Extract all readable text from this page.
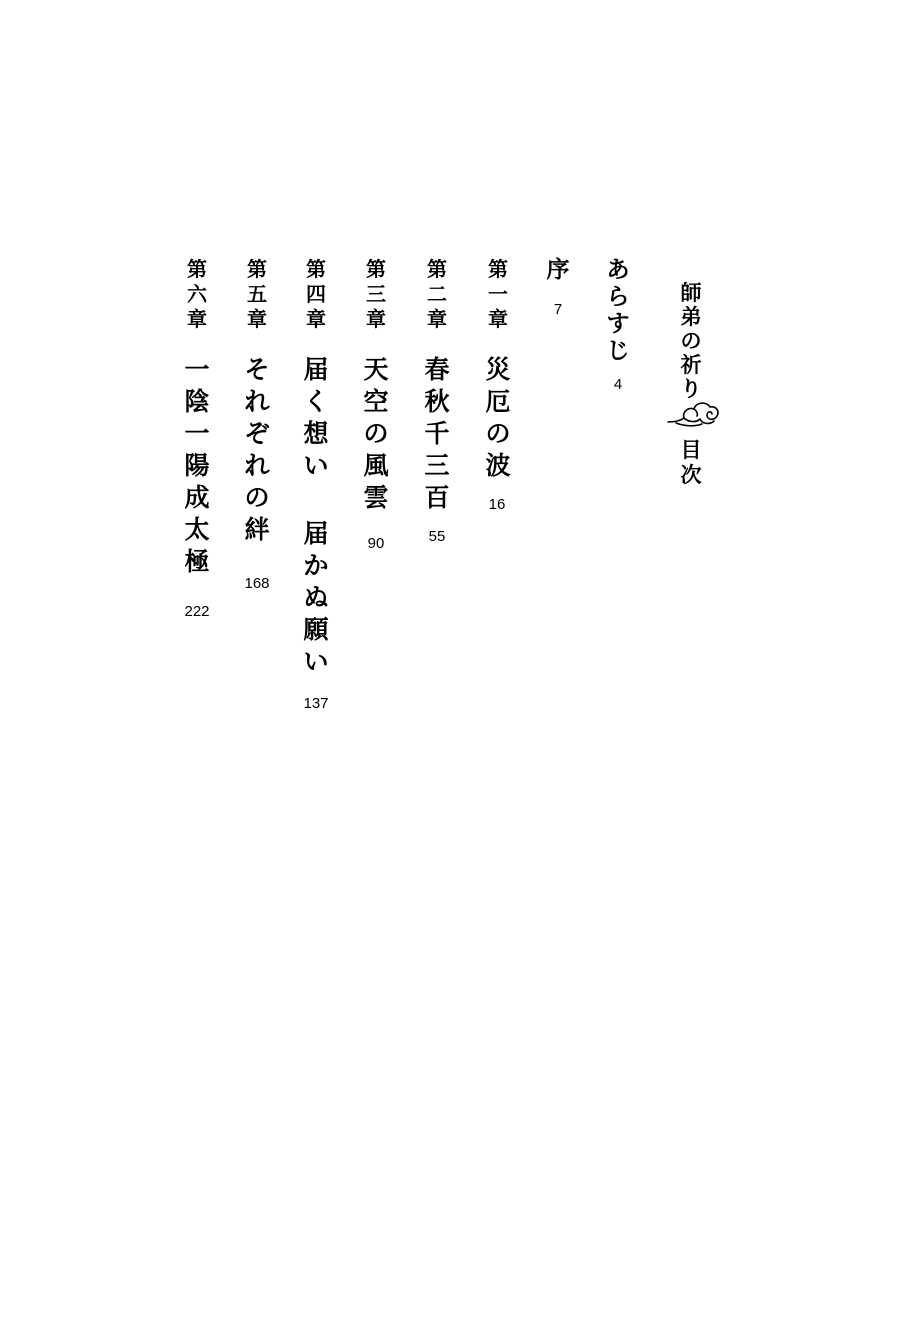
師
弟
の
祈
り
目
次
あ
ら
す
じ
4
序
7
第
一
章
災
厄
の
波
16
第
二
章
春
秋
千
三
百
55
第
三
章
天
空
の
風
雲
90
第
四
章
届
く
想
い
届
か
ぬ
願
い
137
第
五
章
そ
れ
ぞ
れ
の
絆
168
第
六
章
一
陰
一
陽
成
太
極
222
